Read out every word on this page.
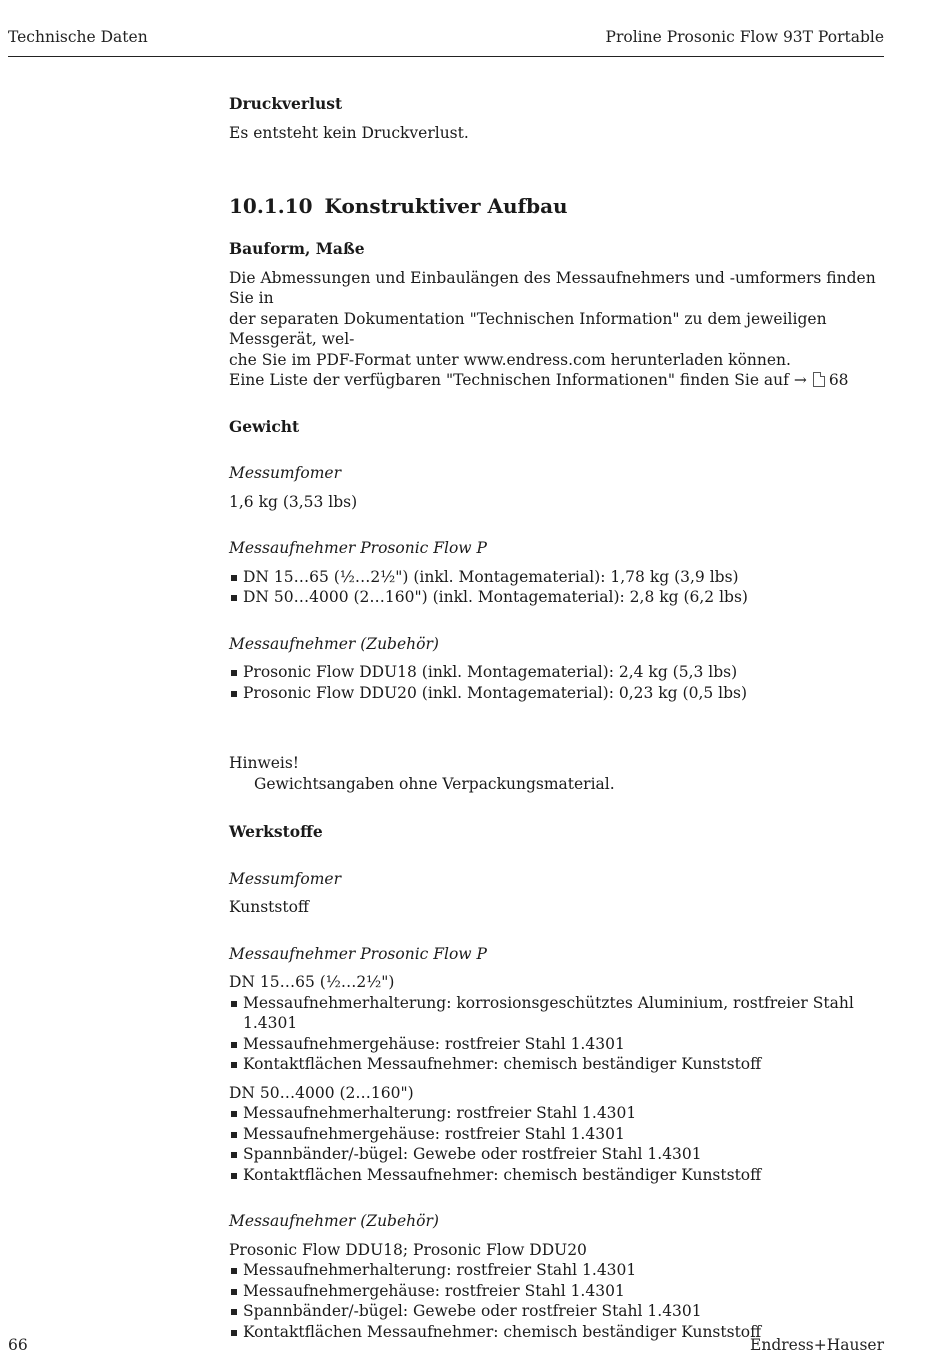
Technische Daten	Proline Prosonic Flow 93T Portable

Druckverlust

Es entsteht kein Druckverlust.

10.1.10 Konstruktiver Aufbau

Bauform, Maße

Die Abmessungen und Einbaulängen des Messaufnehmers und -umformers finden Sie in

der separaten Dokumentation "Technischen Information" zu dem jeweiligen Messgerät, wel-

che Sie im PDF-Format unter www.endress.com herunterladen können.

Eine Liste der verfügbaren "Technischen Informationen" finden Sie auf → 68

Gewicht

Messumfomer

1,6 kg (3,53 lbs)

Messaufnehmer Prosonic Flow P

DN 15…65 (½…2½") (inkl. Montagematerial): 1,78 kg (3,9 lbs)
DN 50…4000 (2…160") (inkl. Montagematerial): 2,8 kg (6,2 lbs)

Messaufnehmer (Zubehör)

Prosonic Flow DDU18 (inkl. Montagematerial): 2,4 kg (5,3 lbs)
Prosonic Flow DDU20 (inkl. Montagematerial): 0,23 kg (0,5 lbs)

Hinweis!

Gewichtsangaben ohne Verpackungsmaterial.

Werkstoffe

Messumfomer

Kunststoff

Messaufnehmer Prosonic Flow P

DN 15…65 (½…2½")

Messaufnehmerhalterung: korrosionsgeschütztes Aluminium, rostfreier Stahl 1.4301
Messaufnehmergehäuse: rostfreier Stahl 1.4301
Kontaktflächen Messaufnehmer: chemisch beständiger Kunststoff

DN 50…4000 (2…160")

Messaufnehmerhalterung: rostfreier Stahl 1.4301
Messaufnehmergehäuse: rostfreier Stahl 1.4301
Spannbänder/-bügel: Gewebe oder rostfreier Stahl 1.4301
Kontaktflächen Messaufnehmer: chemisch beständiger Kunststoff

Messaufnehmer (Zubehör)

Prosonic Flow DDU18; Prosonic Flow DDU20

Messaufnehmerhalterung: rostfreier Stahl 1.4301
Messaufnehmergehäuse: rostfreier Stahl 1.4301
Spannbänder/-bügel: Gewebe oder rostfreier Stahl 1.4301
Kontaktflächen Messaufnehmer: chemisch beständiger Kunststoff
66	Endress+Hauser
